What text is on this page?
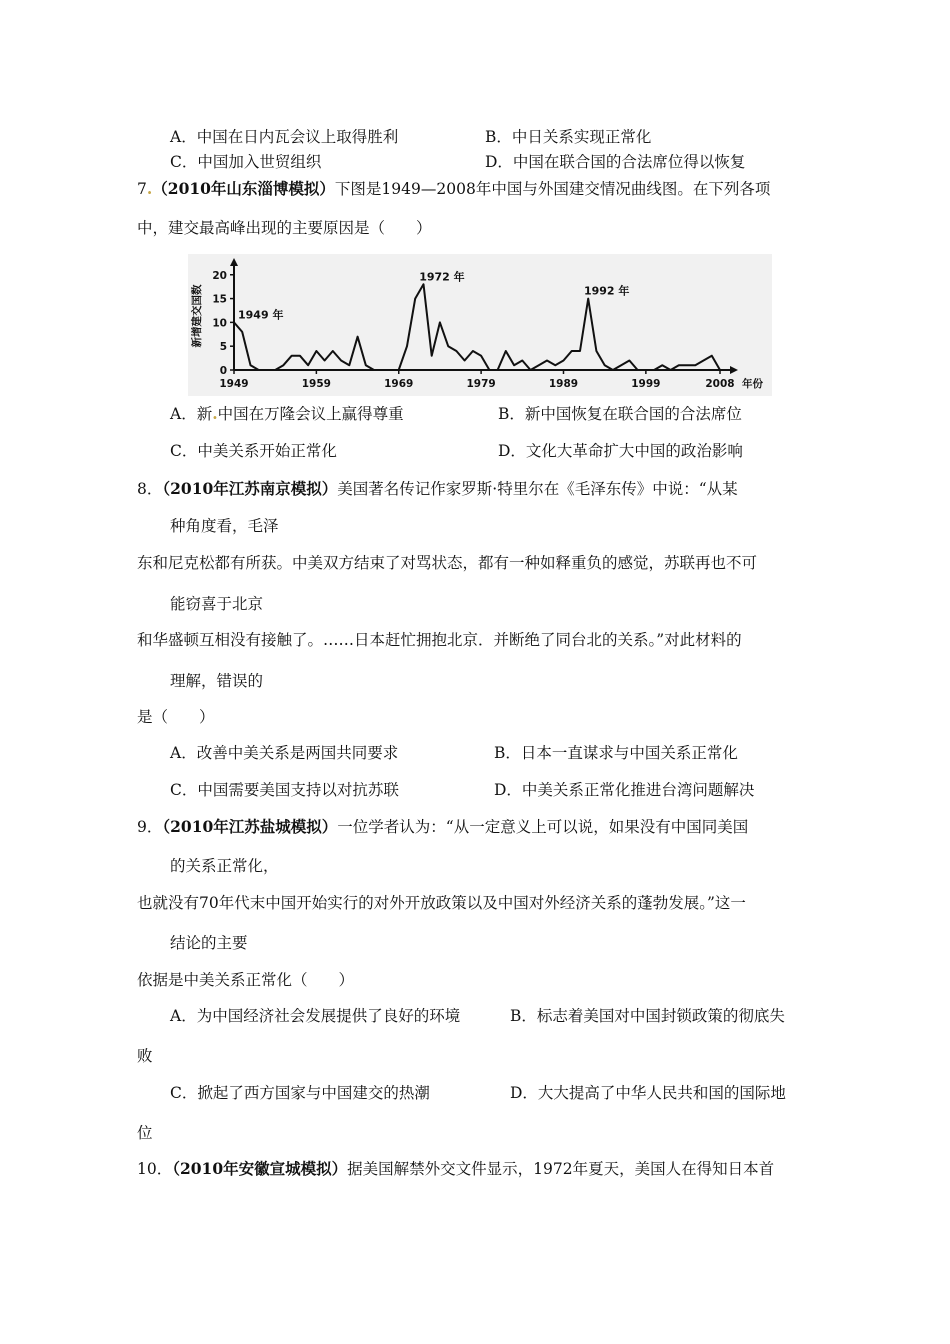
A．中国在日内瓦会议上取得胜利	B．中日关系实现正常化
C．中国加入世贸组织	D．中国在联合国的合法席位得以恢复
7.（2010年山东淄博模拟）下图是1949—2008年中国与外国建交情况曲线图。在下列各项
中，建交最高峰出现的主要原因是（　　）
0
5
10
15
20
1949	1959	1969	1979	1989	1999	2008 年份
新增建交国数	1949 年
1972 年
1992 年
A．新.中国在万隆会议上赢得尊重	B．新中国恢复在联合国的合法席位
C．中美关系开始正常化	D．文化大革命扩大中国的政治影响
8．（2010年江苏南京模拟）美国著名传记作家罗斯·特里尔在《毛泽东传》中说：“从某
种角度看，毛泽
东和尼克松都有所获。中美双方结束了对骂状态，都有一种如释重负的感觉，苏联再也不可
能窃喜于北京
和华盛顿互相没有接触了。……日本赶忙拥抱北京．并断绝了同台北的关系。”对此材料的
理解，错误的
是（　　）
A．改善中美关系是两国共同要求	B．日本一直谋求与中国关系正常化
C．中国需要美国支持以对抗苏联	D．中美关系正常化推进台湾问题解决
9．（2010年江苏盐城模拟）一位学者认为：“从一定意义上可以说，如果没有中国同美国
的关系正常化，
也就没有70年代末中国开始实行的对外开放政策以及中国对外经济关系的蓬勃发展。”这一
结论的主要
依据是中美关系正常化（　　）
A．为中国经济社会发展提供了良好的环境	B．标志着美国对中国封锁政策的彻底失
败
C．掀起了西方国家与中国建交的热潮	D．大大提高了中华人民共和国的国际地
位
10．（2010年安徽宣城模拟）据美国解禁外交文件显示，1972年夏天，美国人在得知日本首
